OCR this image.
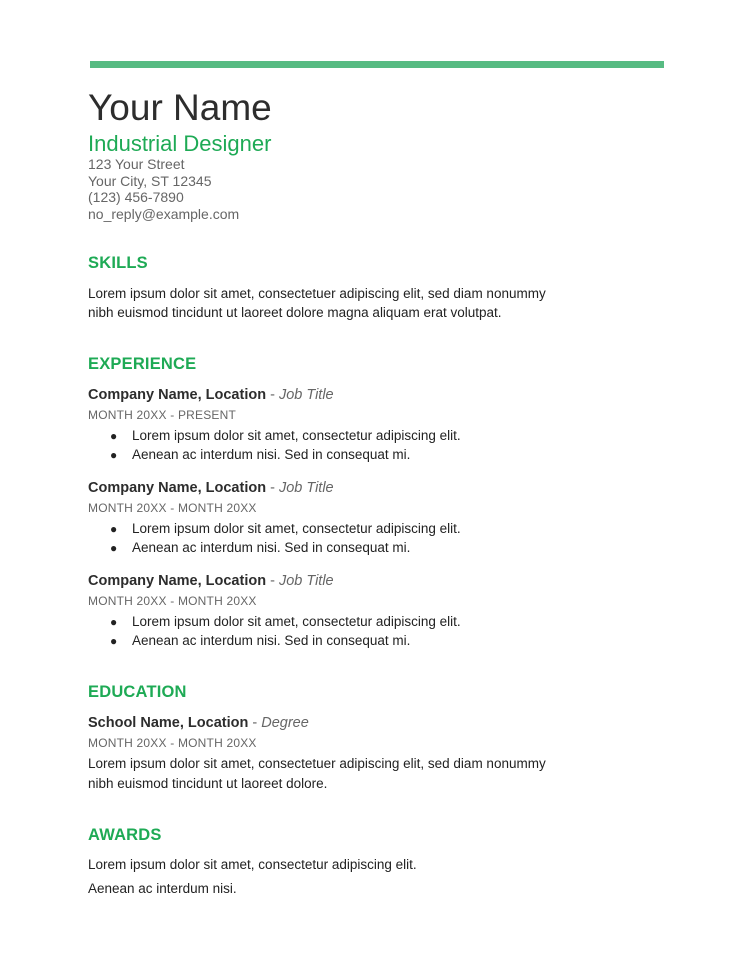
Your Name
Industrial Designer
123 Your Street
Your City, ST 12345
(123) 456-7890
no_reply@example.com
SKILLS
Lorem ipsum dolor sit amet, consectetuer adipiscing elit, sed diam nonummy
nibh euismod tincidunt ut laoreet dolore magna aliquam erat volutpat.
EXPERIENCE
Company Name, Location - Job Title
MONTH 20XX - PRESENT
● Lorem ipsum dolor sit amet, consectetur adipiscing elit.
● Aenean ac interdum nisi. Sed in consequat mi.
Company Name, Location - Job Title
MONTH 20XX - MONTH 20XX
● Lorem ipsum dolor sit amet, consectetur adipiscing elit.
● Aenean ac interdum nisi. Sed in consequat mi.
Company Name, Location - Job Title
MONTH 20XX - MONTH 20XX
● Lorem ipsum dolor sit amet, consectetur adipiscing elit.
● Aenean ac interdum nisi. Sed in consequat mi.
EDUCATION
School Name, Location - Degree
MONTH 20XX - MONTH 20XX
Lorem ipsum dolor sit amet, consectetuer adipiscing elit, sed diam nonummy
nibh euismod tincidunt ut laoreet dolore.
AWARDS
Lorem ipsum dolor sit amet, consectetur adipiscing elit.
Aenean ac interdum nisi.
